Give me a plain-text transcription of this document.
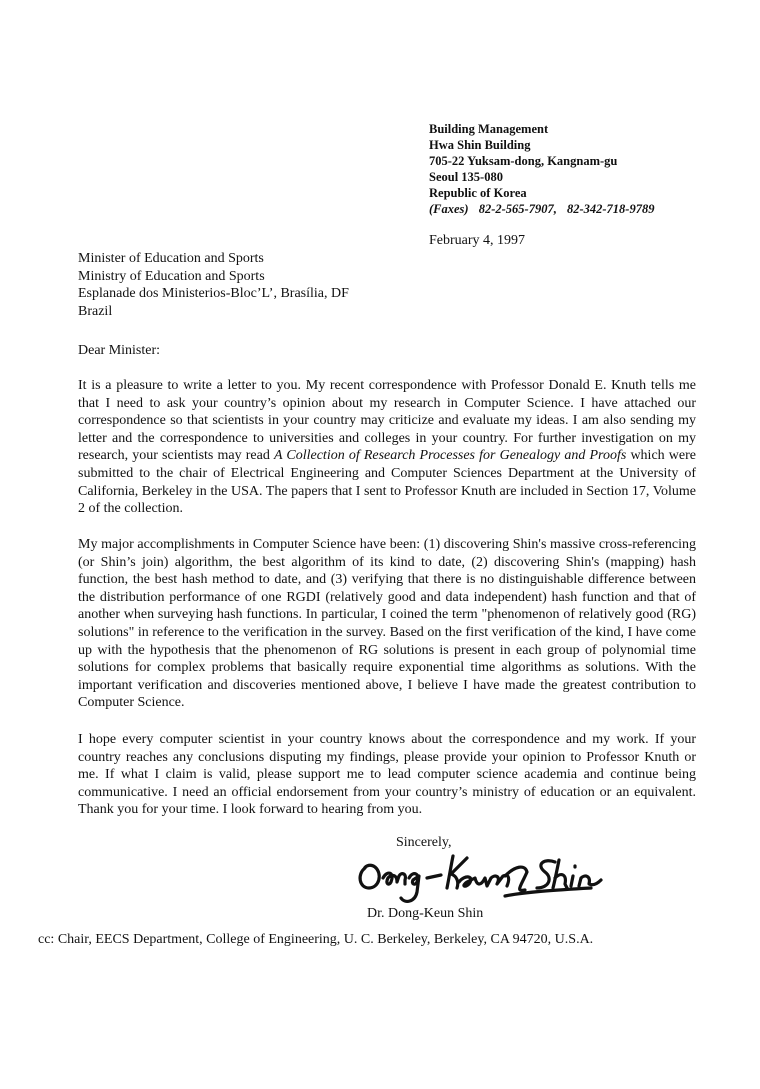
Building Management
Hwa Shin Building
705-22 Yuksam-dong, Kangnam-gu
Seoul 135-080
Republic of Korea
(Faxes) 82-2-565-7907, 82-342-718-9789
February 4, 1997
Minister of Education and Sports
Ministry of Education and Sports
Esplanade dos Ministerios-Bloc’L’, Brasília, DF
Brazil
Dear Minister:

It is a pleasure to write a letter to you. My recent correspondence with Professor Donald E. Knuth tells me that I need to ask your country’s opinion about my research in Computer Science. I have attached our correspondence so that scientists in your country may criticize and evaluate my ideas. I am also sending my letter and the correspondence to universities and colleges in your country. For further investigation on my research, your scientists may read A Collection of Research Processes for Genealogy and Proofs which were submitted to the chair of Electrical Engineering and Computer Sciences Department at the University of California, Berkeley in the USA. The papers that I sent to Professor Knuth are included in Section 17, Volume 2 of the collection.

My major accomplishments in Computer Science have been: (1) discovering Shin's massive cross-referencing (or Shin’s join) algorithm, the best algorithm of its kind to date, (2) discovering Shin's (mapping) hash function, the best hash method to date, and (3) verifying that there is no distinguishable difference between the distribution performance of one RGDI (relatively good and data independent) hash function and that of another when surveying hash functions. In particular, I coined the term "phenomenon of relatively good (RG) solutions" in reference to the verification in the survey. Based on the first verification of the kind, I have come up with the hypothesis that the phenomenon of RG solutions is present in each group of polynomial time solutions for complex problems that basically require exponential time algorithms as solutions. With the important verification and discoveries mentioned above, I believe I have made the greatest contribution to Computer Science.

I hope every computer scientist in your country knows about the correspondence and my work. If your country reaches any conclusions disputing my findings, please provide your opinion to Professor Knuth or me. If what I claim is valid, please support me to lead computer science academia and continue being communicative. I need an official endorsement from your country’s ministry of education or an equivalent. Thank you for your time. I look forward to hearing from you.

Sincerely,
Dr. Dong-Keun Shin
cc: Chair, EECS Department, College of Engineering, U. C. Berkeley, Berkeley, CA 94720, U.S.A.
